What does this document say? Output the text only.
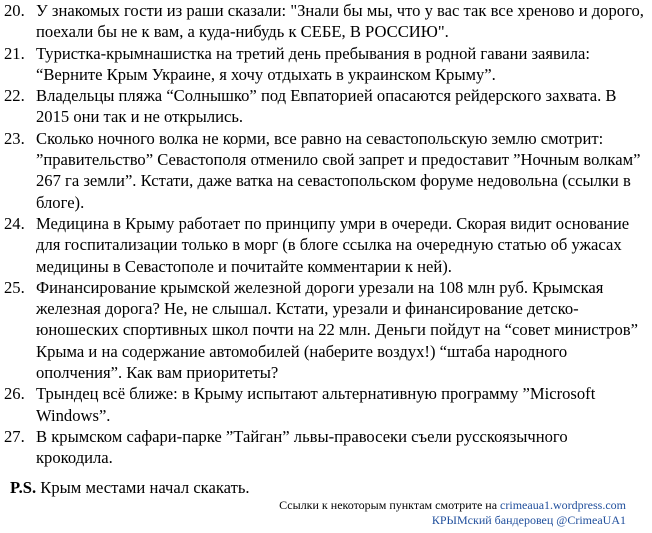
20. У знакомых гости из раши сказали: "Знали бы мы, что у вас так все хреново и дорого, поехали бы не к вам, а куда-нибудь к СЕБЕ, В РОССИЮ".
21. Туристка-крымнашистка на третий день пребывания в родной гавани заявила: “Верните Крым Украине, я хочу отдыхать в украинском Крыму”.
22. Владельцы пляжа “Солнышко” под Евпаторией опасаются рейдерского захвата. В 2015 они так и не открылись.
23. Сколько ночного волка не корми, все равно на севастопольскую землю смотрит: ”правительство” Севастополя отменило свой запрет и предоставит ”Ночным волкам” 267 га земли”. Кстати, даже ватка на севастопольском форуме недовольна (ссылки в блоге).
24. Медицина в Крыму работает по принципу умри в очереди. Скорая видит основание для госпитализации только в морг (в блоге ссылка на очередную статью об ужасах медицины в Севастополе и почитайте комментарии к ней).
25. Финансирование крымской железной дороги урезали на 108 млн руб. Крымская железная дорога? Не, не слышал. Кстати, урезали и финансирование детско-юношеских спортивных школ почти на 22 млн. Деньги пойдут на “совет министров” Крыма и на содержание автомобилей (наберите воздух!) “штаба народного ополчения”. Как вам приоритеты?
26. Трындец всё ближе: в Крыму испытают альтернативную программу ”Microsoft Windows”.
27. В крымском сафари-парке ”Тайган” львы-правосеки съели русскоязычного крокодила.
P.S. Крым местами начал скакать.
Ссылки к некоторым пунктам смотрите на crimeaua1.wordpress.com
КРЫМский бандеровец @CrimeaUA1
